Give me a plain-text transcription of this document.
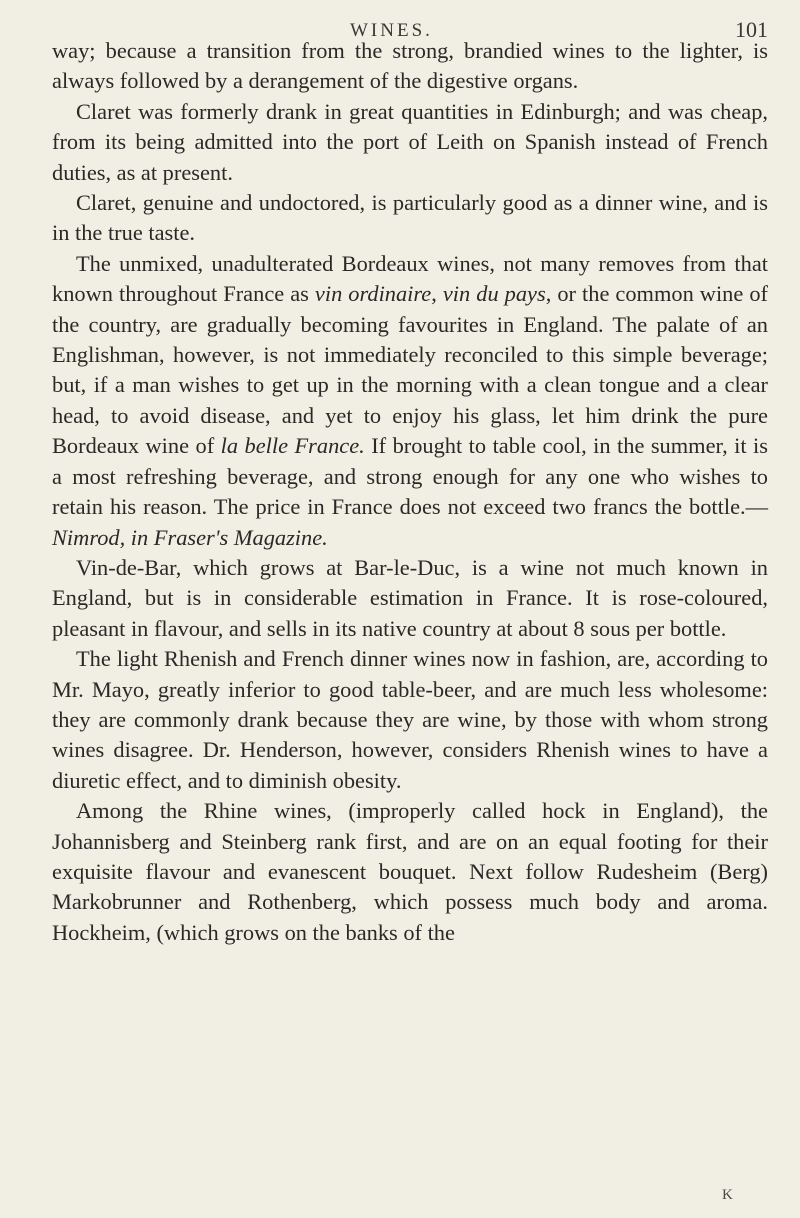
WINES.	101

way; because a transition from the strong, brandied wines to the lighter, is always followed by a derangement of the digestive organs.

Claret was formerly drank in great quantities in Edinburgh; and was cheap, from its being admitted into the port of Leith on Spanish instead of French duties, as at present.

Claret, genuine and undoctored, is particularly good as a dinner wine, and is in the true taste.

The unmixed, unadulterated Bordeaux wines, not many removes from that known throughout France as vin ordinaire, vin du pays, or the common wine of the country, are gradually becoming favourites in England. The palate of an Englishman, however, is not immediately reconciled to this simple beverage; but, if a man wishes to get up in the morning with a clean tongue and a clear head, to avoid disease, and yet to enjoy his glass, let him drink the pure Bordeaux wine of la belle France. If brought to table cool, in the summer, it is a most refreshing beverage, and strong enough for any one who wishes to retain his reason. The price in France does not exceed two francs the bottle.—Nimrod, in Fraser's Magazine.

Vin-de-Bar, which grows at Bar-le-Duc, is a wine not much known in England, but is in considerable estimation in France. It is rose-coloured, pleasant in flavour, and sells in its native country at about 8 sous per bottle.

The light Rhenish and French dinner wines now in fashion, are, according to Mr. Mayo, greatly inferior to good table-beer, and are much less wholesome: they are commonly drank because they are wine, by those with whom strong wines disagree. Dr. Henderson, however, considers Rhenish wines to have a diuretic effect, and to diminish obesity.

Among the Rhine wines, (improperly called hock in England), the Johannisberg and Steinberg rank first, and are on an equal footing for their exquisite flavour and evanescent bouquet. Next follow Rudesheim (Berg) Markobrunner and Rothenberg, which possess much body and aroma. Hockheim, (which grows on the banks of the

K
